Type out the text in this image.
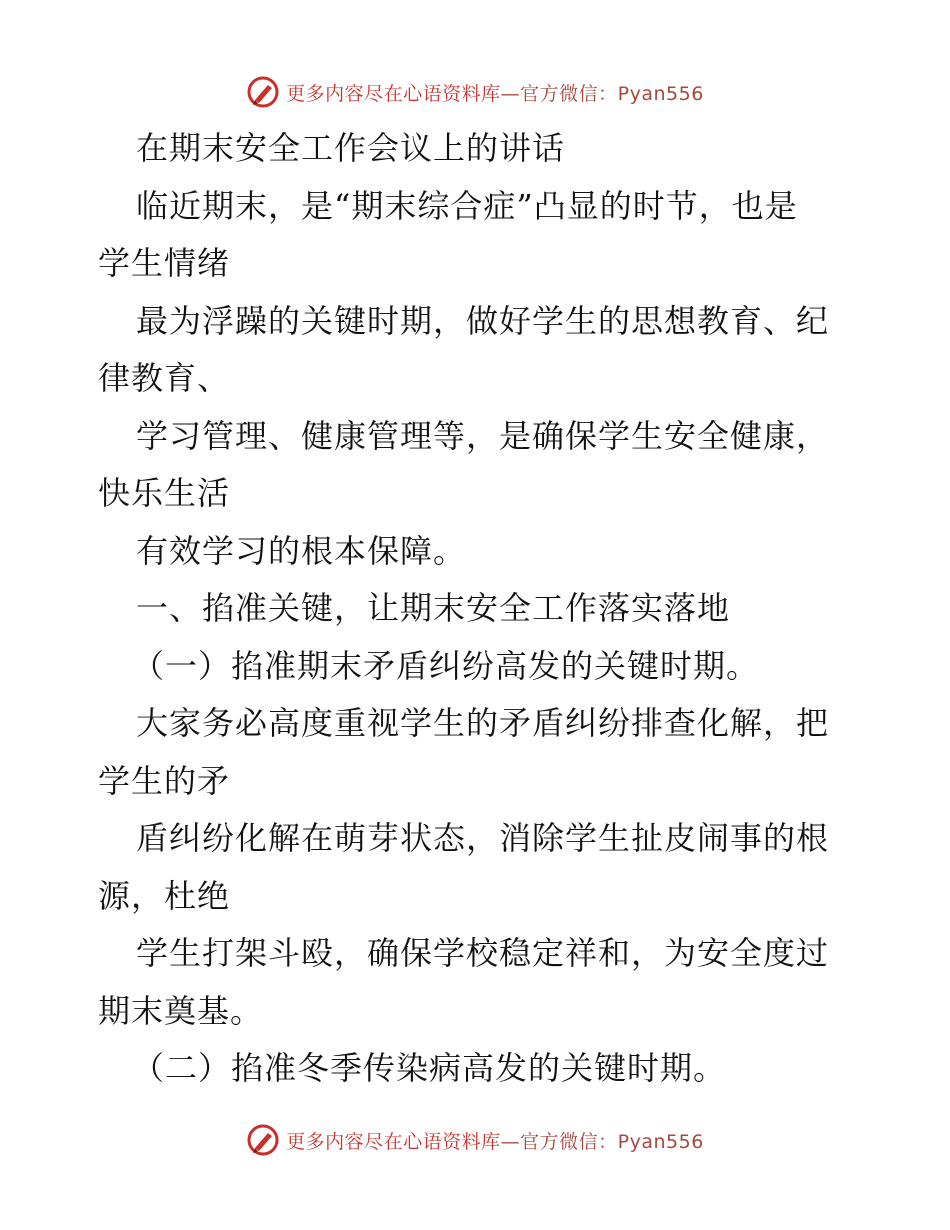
更多内容尽在心语资料库—官方微信：Pyan556
在期末安全工作会议上的讲话
临近期末，是“期末综合症”凸显的时节，也是
学生情绪
最为浮躁的关键时期，做好学生的思想教育、纪
律教育、
学习管理、健康管理等，是确保学生安全健康，
快乐生活
有效学习的根本保障。
一、掐准关键，让期末安全工作落实落地
（一）掐准期末矛盾纠纷高发的关键时期。
大家务必高度重视学生的矛盾纠纷排查化解，把
学生的矛
盾纠纷化解在萌芽状态，消除学生扯皮闹事的根
源，杜绝
学生打架斗殴，确保学校稳定祥和，为安全度过
期末奠基。
（二）掐准冬季传染病高发的关键时期。
更多内容尽在心语资料库—官方微信：Pyan556
